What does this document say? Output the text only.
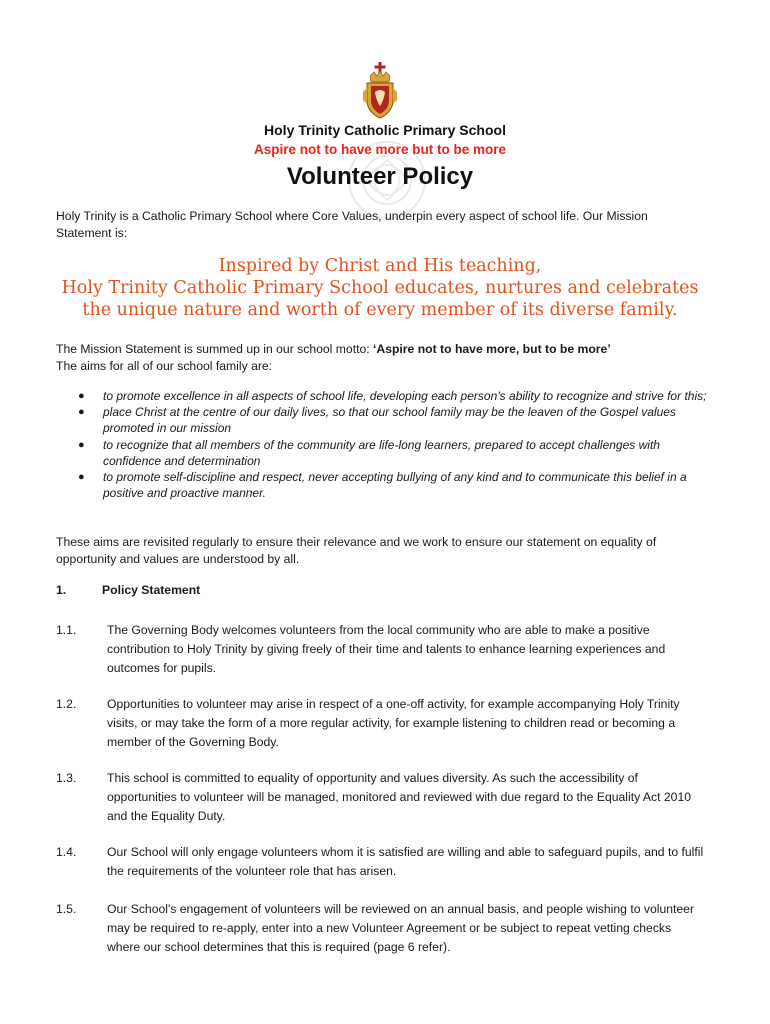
Holy Trinity Catholic Primary School
Aspire not to have more but to be more
Volunteer Policy
Holy Trinity is a Catholic Primary School where Core Values, underpin every aspect of school life. Our Mission Statement is:
Inspired by Christ and His teaching,
Holy Trinity Catholic Primary School educates, nurtures and celebrates
the unique nature and worth of every member of its diverse family.
The Mission Statement is summed up in our school motto: ‘Aspire not to have more, but to be more’
The aims for all of our school family are:
● to promote excellence in all aspects of school life, developing each person’s ability to recognize and strive for this;
● place Christ at the centre of our daily lives, so that our school family may be the leaven of the Gospel values promoted in our mission
● to recognize that all members of the community are life-long learners, prepared to accept challenges with confidence and determination
● to promote self-discipline and respect, never accepting bullying of any kind and to communicate this belief in a positive and proactive manner.
These aims are revisited regularly to ensure their relevance and we work to ensure our statement on equality of opportunity and values are understood by all.
1.	Policy Statement
1.1.	The Governing Body welcomes volunteers from the local community who are able to make a positive contribution to Holy Trinity by giving freely of their time and talents to enhance learning experiences and outcomes for pupils.
1.2.	Opportunities to volunteer may arise in respect of a one-off activity, for example accompanying Holy Trinity visits, or may take the form of a more regular activity, for example listening to children read or becoming a member of the Governing Body.
1.3.	This school is committed to equality of opportunity and values diversity. As such the accessibility of opportunities to volunteer will be managed, monitored and reviewed with due regard to the Equality Act 2010 and the Equality Duty.
1.4.	Our School will only engage volunteers whom it is satisfied are willing and able to safeguard pupils, and to fulfil the requirements of the volunteer role that has arisen.
1.5.	Our School's engagement of volunteers will be reviewed on an annual basis, and people wishing to volunteer may be required to re-apply, enter into a new Volunteer Agreement or be subject to repeat vetting checks where our school determines that this is required (page 6 refer).
